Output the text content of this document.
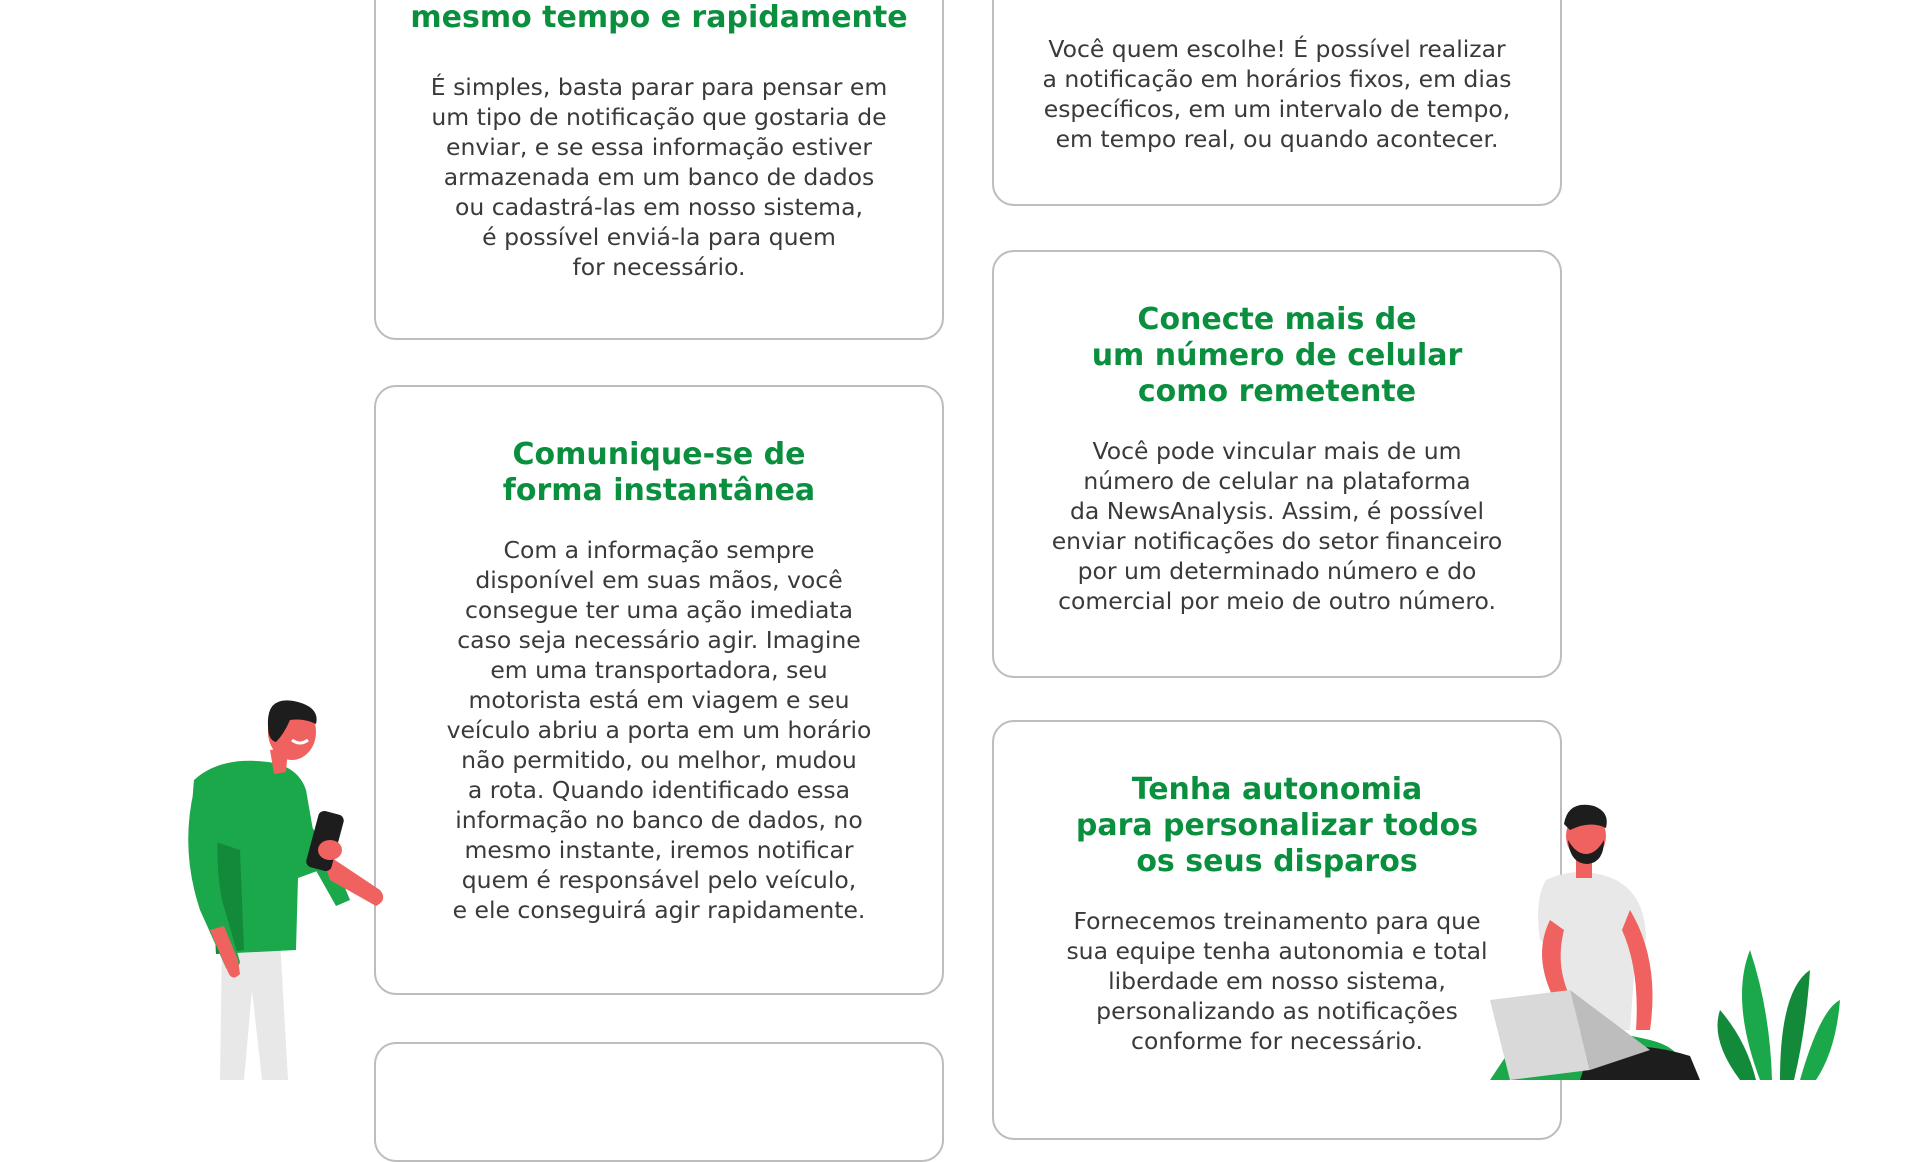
mesmo tempo e rapidamente
É simples, basta parar para pensar em
um tipo de notificação que gostaria de
enviar, e se essa informação estiver
armazenada em um banco de dados
ou cadastrá-las em nosso sistema,
é possível enviá-la para quem
for necessário.
Comunique-se de
forma instantânea
Com a informação sempre
disponível em suas mãos, você
consegue ter uma ação imediata
caso seja necessário agir. Imagine
em uma transportadora, seu
motorista está em viagem e seu
veículo abriu a porta em um horário
não permitido, ou melhor, mudou
a rota. Quando identificado essa
informação no banco de dados, no
mesmo instante, iremos notificar
quem é responsável pelo veículo,
e ele conseguirá agir rapidamente.
Você quem escolhe! É possível realizar
a notificação em horários fixos, em dias
específicos, em um intervalo de tempo,
em tempo real, ou quando acontecer.
Conecte mais de
um número de celular
como remetente
Você pode vincular mais de um
número de celular na plataforma
da NewsAnalysis. Assim, é possível
enviar notificações do setor financeiro
por um determinado número e do
comercial por meio de outro número.
Tenha autonomia
para personalizar todos
os seus disparos
Fornecemos treinamento para que
sua equipe tenha autonomia e total
liberdade em nosso sistema,
personalizando as notificações
conforme for necessário.
